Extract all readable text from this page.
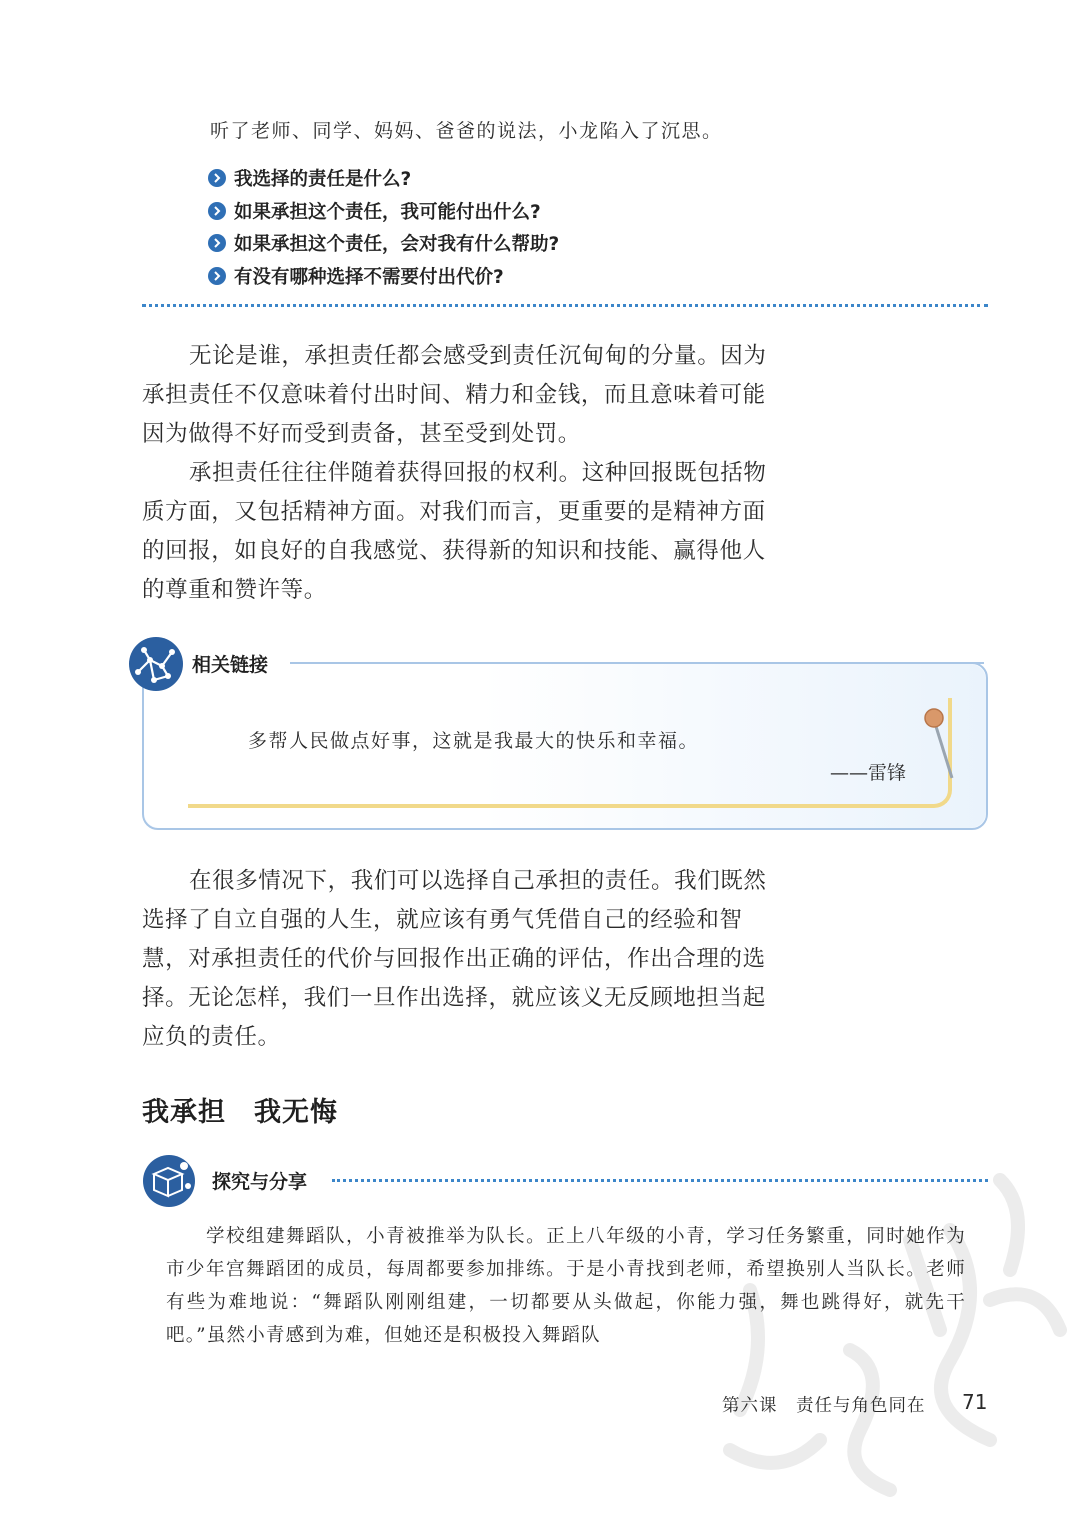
听了老师、同学、妈妈、爸爸的说法，小龙陷入了沉思。
我选择的责任是什么?
如果承担这个责任，我可能付出什么?
如果承担这个责任，会对我有什么帮助?
有没有哪种选择不需要付出代价?

无论是谁，承担责任都会感受到责任沉甸甸的分量。因为承担责任不仅意味着付出时间、精力和金钱，而且意味着可能因为做得不好而受到责备，甚至受到处罚。

承担责任往往伴随着获得回报的权利。这种回报既包括物质方面，又包括精神方面。对我们而言，更重要的是精神方面的回报，如良好的自我感觉、获得新的知识和技能、赢得他人的尊重和赞许等。

相关链接
多帮人民做点好事，这就是我最大的快乐和幸福。
——雷锋

在很多情况下，我们可以选择自己承担的责任。我们既然选择了自立自强的人生，就应该有勇气凭借自己的经验和智慧，对承担责任的代价与回报作出正确的评估，作出合理的选择。无论怎样，我们一旦作出选择，就应该义无反顾地担当起应负的责任。

我承担　我无悔
探究与分享

学校组建舞蹈队，小青被推举为队长。正上八年级的小青，学习任务繁重，同时她作为市少年宫舞蹈团的成员，每周都要参加排练。于是小青找到老师，希望换别人当队长。老师有些为难地说：“舞蹈队刚刚组建，一切都要从头做起，你能力强，舞也跳得好，就先干吧。”虽然小青感到为难，但她还是积极投入舞蹈队

第六课　责任与角色同在 71
